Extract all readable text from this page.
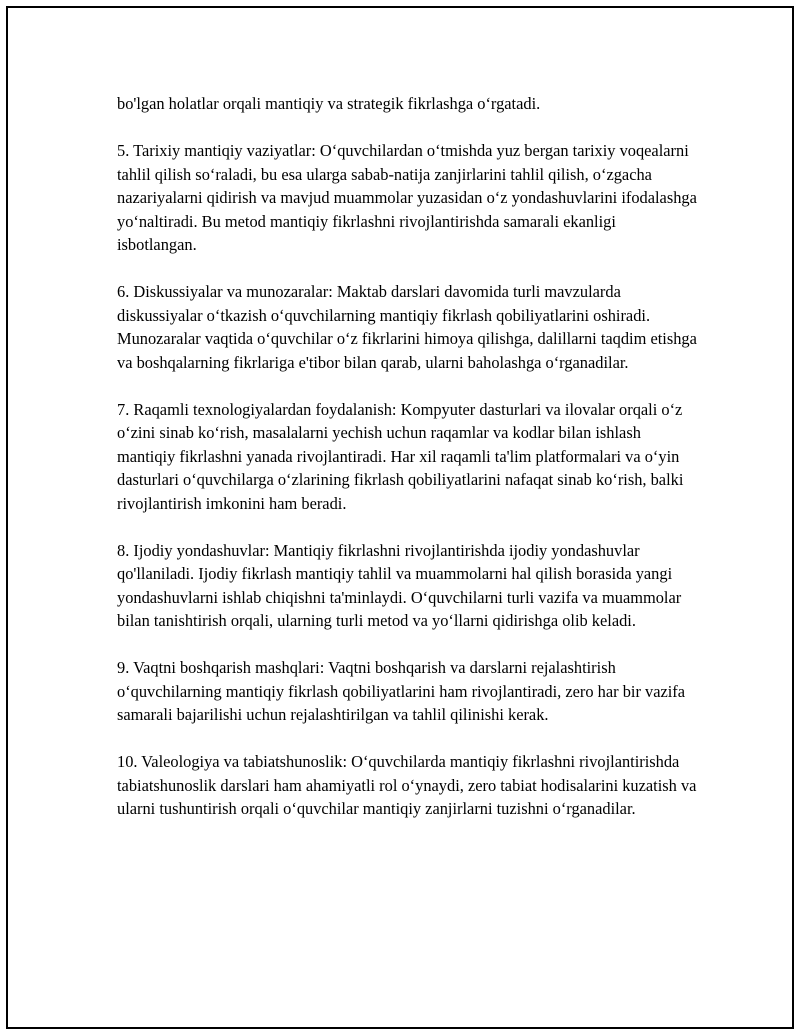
bo'lgan holatlar orqali mantiqiy va strategik fikrlashga oʻrgatadi.

5. Tarixiy mantiqiy vaziyatlar: Oʻquvchilardan oʻtmishda yuz bergan tarixiy voqealarni tahlil qilish soʻraladi, bu esa ularga sabab-natija zanjirlarini tahlil qilish, oʻzgacha nazariyalarni qidirish va mavjud muammolar yuzasidan oʻz yondashuvlarini ifodalashga yoʻnaltiradi. Bu metod mantiqiy fikrlashni rivojlantirishda samarali ekanligi isbotlangan.

6. Diskussiyalar va munozaralar: Maktab darslari davomida turli mavzularda diskussiyalar oʻtkazish oʻquvchilarning mantiqiy fikrlash qobiliyatlarini oshiradi. Munozaralar vaqtida oʻquvchilar oʻz fikrlarini himoya qilishga, dalillarni taqdim etishga va boshqalarning fikrlariga e'tibor bilan qarab, ularni baholashga oʻrganadilar.

7. Raqamli texnologiyalardan foydalanish: Kompyuter dasturlari va ilovalar orqali oʻz oʻzini sinab koʻrish, masalalarni yechish uchun raqamlar va kodlar bilan ishlash mantiqiy fikrlashni yanada rivojlantiradi. Har xil raqamli ta'lim platformalari va oʻyin dasturlari oʻquvchilarga oʻzlarining fikrlash qobiliyatlarini nafaqat sinab koʻrish, balki rivojlantirish imkonini ham beradi.

8. Ijodiy yondashuvlar: Mantiqiy fikrlashni rivojlantirishda ijodiy yondashuvlar qo'llaniladi. Ijodiy fikrlash mantiqiy tahlil va muammolarni hal qilish borasida yangi yondashuvlarni ishlab chiqishni ta'minlaydi. Oʻquvchilarni turli vazifa va muammolar bilan tanishtirish orqali, ularning turli metod va yoʻllarni qidirishga olib keladi.

9. Vaqtni boshqarish mashqlari: Vaqtni boshqarish va darslarni rejalashtirish oʻquvchilarning mantiqiy fikrlash qobiliyatlarini ham rivojlantiradi, zero har bir vazifa samarali bajarilishi uchun rejalashtirilgan va tahlil qilinishi kerak.

10. Valeologiya va tabiatshunoslik: Oʻquvchilarda mantiqiy fikrlashni rivojlantirishda tabiatshunoslik darslari ham ahamiyatli rol oʻynaydi, zero tabiat hodisalarini kuzatish va ularni tushuntirish orqali oʻquvchilar mantiqiy zanjirlarni tuzishni oʻrganadilar.
